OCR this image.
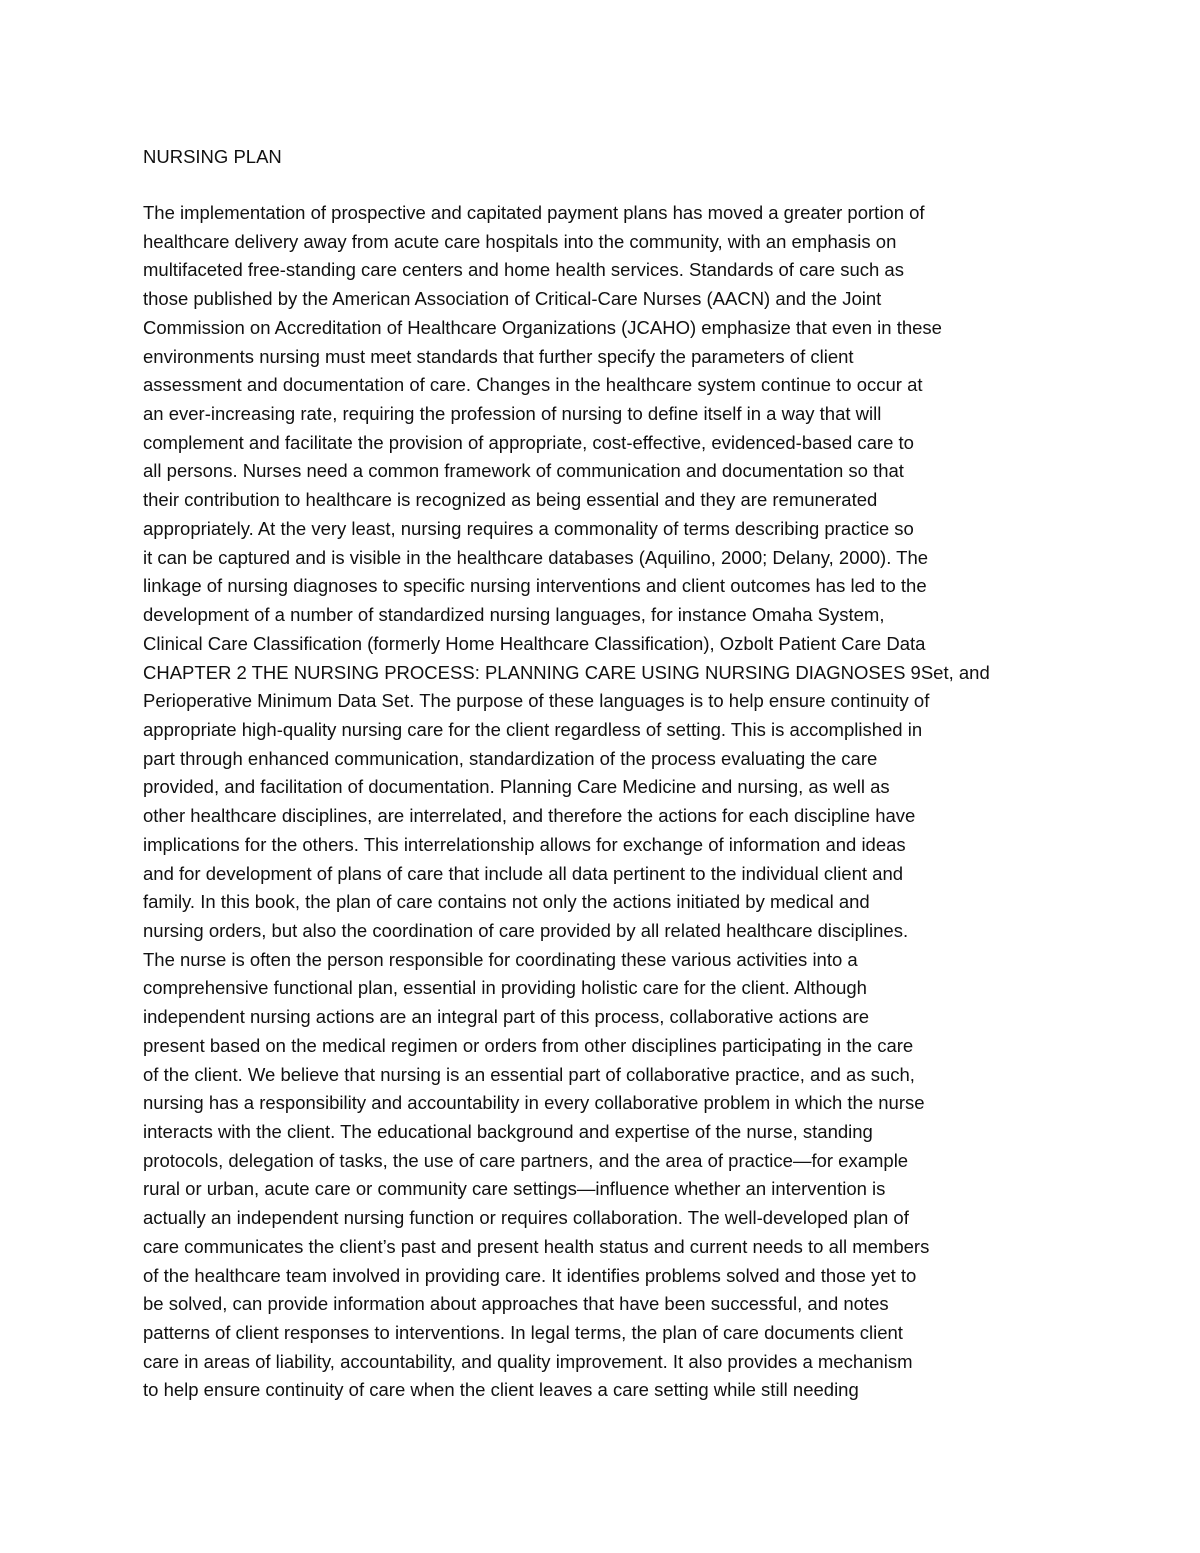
NURSING PLAN
The implementation of prospective and capitated payment plans has moved a greater portion of
healthcare delivery away from acute care hospitals into the community, with an emphasis on
multifaceted free-standing care centers and home health services. Standards of care such as
those published by the American Association of Critical-Care Nurses (AACN) and the Joint
Commission on Accreditation of Healthcare Organizations (JCAHO) emphasize that even in these
environments nursing must meet standards that further specify the parameters of client
assessment and documentation of care. Changes in the healthcare system continue to occur at
an ever-increasing rate, requiring the profession of nursing to define itself in a way that will
complement and facilitate the provision of appropriate, cost-effective, evidenced-based care to
all persons. Nurses need a common framework of communication and documentation so that
their contribution to healthcare is recognized as being essential and they are remunerated
appropriately. At the very least, nursing requires a commonality of terms describing practice so
it can be captured and is visible in the healthcare databases (Aquilino, 2000; Delany, 2000). The
linkage of nursing diagnoses to specific nursing interventions and client outcomes has led to the
development of a number of standardized nursing languages, for instance Omaha System,
Clinical Care Classification (formerly Home Healthcare Classification), Ozbolt Patient Care Data
CHAPTER 2 THE NURSING PROCESS: PLANNING CARE USING NURSING DIAGNOSES 9Set, and
Perioperative Minimum Data Set. The purpose of these languages is to help ensure continuity of
appropriate high-quality nursing care for the client regardless of setting. This is accomplished in
part through enhanced communication, standardization of the process evaluating the care
provided, and facilitation of documentation. Planning Care Medicine and nursing, as well as
other healthcare disciplines, are interrelated, and therefore the actions for each discipline have
implications for the others. This interrelationship allows for exchange of information and ideas
and for development of plans of care that include all data pertinent to the individual client and
family. In this book, the plan of care contains not only the actions initiated by medical and
nursing orders, but also the coordination of care provided by all related healthcare disciplines.
The nurse is often the person responsible for coordinating these various activities into a
comprehensive functional plan, essential in providing holistic care for the client. Although
independent nursing actions are an integral part of this process, collaborative actions are
present based on the medical regimen or orders from other disciplines participating in the care
of the client. We believe that nursing is an essential part of collaborative practice, and as such,
nursing has a responsibility and accountability in every collaborative problem in which the nurse
interacts with the client. The educational background and expertise of the nurse, standing
protocols, delegation of tasks, the use of care partners, and the area of practice—for example
rural or urban, acute care or community care settings—influence whether an intervention is
actually an independent nursing function or requires collaboration. The well-developed plan of
care communicates the client’s past and present health status and current needs to all members
of the healthcare team involved in providing care. It identifies problems solved and those yet to
be solved, can provide information about approaches that have been successful, and notes
patterns of client responses to interventions. In legal terms, the plan of care documents client
care in areas of liability, accountability, and quality improvement. It also provides a mechanism
to help ensure continuity of care when the client leaves a care setting while still needing
